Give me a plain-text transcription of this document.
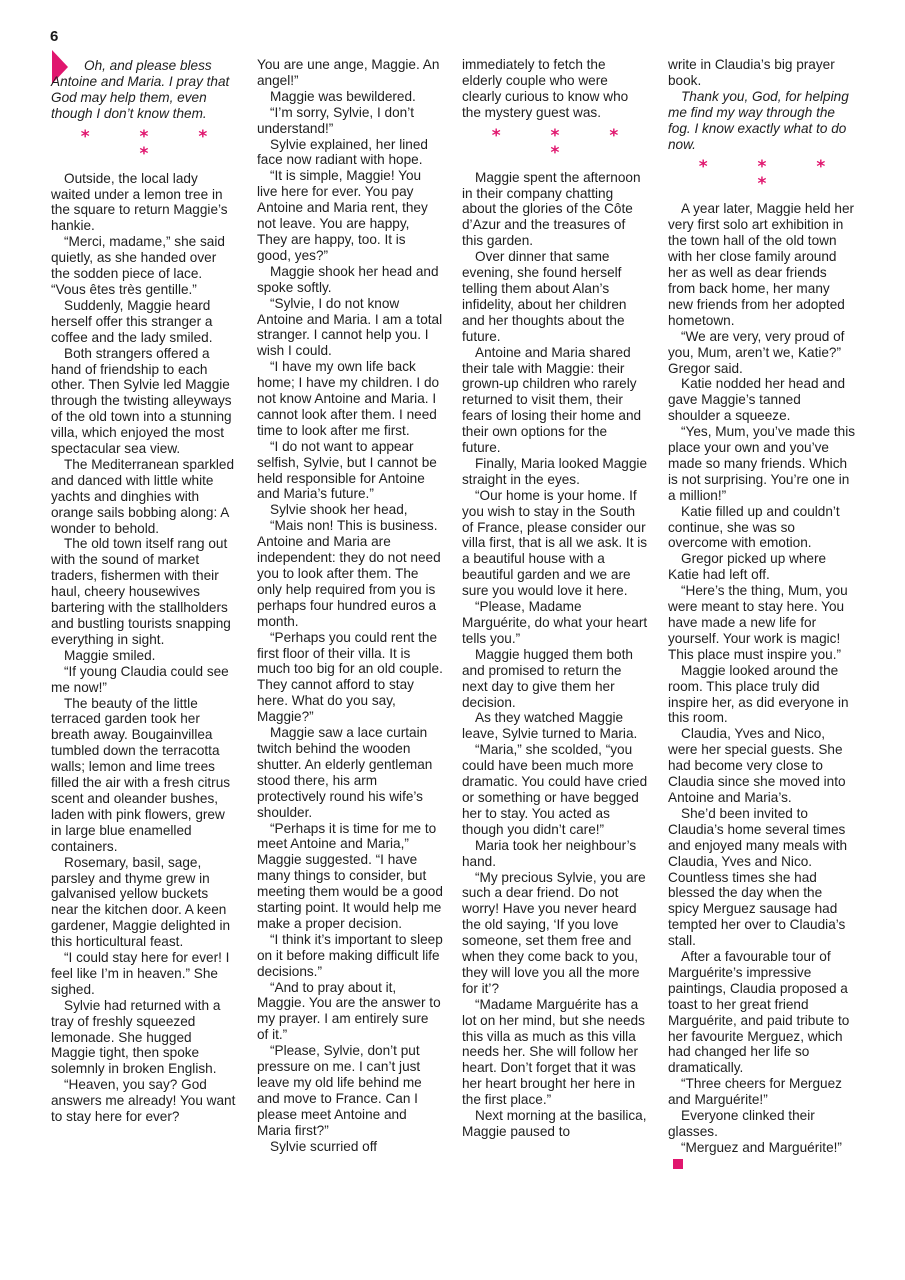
6

Oh, and please bless Antoine and Maria. I pray that God may help them, even though I don’t know them.

* * * *

Outside, the local lady waited under a lemon tree in the square to return Maggie’s hankie.

“Merci, madame,” she said quietly, as she handed over the sodden piece of lace. “Vous êtes très gentille.”

Suddenly, Maggie heard herself offer this stranger a coffee and the lady smiled.

Both strangers offered a hand of friendship to each other. Then Sylvie led Maggie through the twisting alleyways of the old town into a stunning villa, which enjoyed the most spectacular sea view.

The Mediterranean sparkled and danced with little white yachts and dinghies with orange sails bobbing along: A wonder to behold.

The old town itself rang out with the sound of market traders, fishermen with their haul, cheery housewives bartering with the stallholders and bustling tourists snapping everything in sight.

Maggie smiled.

“If young Claudia could see me now!”

The beauty of the little terraced garden took her breath away. Bougainvillea tumbled down the terracotta walls; lemon and lime trees filled the air with a fresh citrus scent and oleander bushes, laden with pink flowers, grew in large blue enamelled containers.

Rosemary, basil, sage, parsley and thyme grew in galvanised yellow buckets near the kitchen door. A keen gardener, Maggie delighted in this horticultural feast.

“I could stay here for ever! I feel like I’m in heaven.” She sighed.

Sylvie had returned with a tray of freshly squeezed lemonade. She hugged Maggie tight, then spoke solemnly in broken English.

“Heaven, you say? God answers me already! You want to stay here for ever?

You are une ange, Maggie. An angel!”

Maggie was bewildered.

“I’m sorry, Sylvie, I don’t understand!”

Sylvie explained, her lined face now radiant with hope.

“It is simple, Maggie! You live here for ever. You pay Antoine and Maria rent, they not leave. You are happy, They are happy, too. It is good, yes?”

Maggie shook her head and spoke softly.

“Sylvie, I do not know Antoine and Maria. I am a total stranger. I cannot help you. I wish I could.

“I have my own life back home; I have my children. I do not know Antoine and Maria. I cannot look after them. I need time to look after me first.

“I do not want to appear selfish, Sylvie, but I cannot be held responsible for Antoine and Maria’s future.”

Sylvie shook her head,

“Mais non! This is business. Antoine and Maria are independent: they do not need you to look after them. The only help required from you is perhaps four hundred euros a month.

“Perhaps you could rent the first floor of their villa. It is much too big for an old couple. They cannot afford to stay here. What do you say, Maggie?”

Maggie saw a lace curtain twitch behind the wooden shutter. An elderly gentleman stood there, his arm protectively round his wife’s shoulder.

“Perhaps it is time for me to meet Antoine and Maria,” Maggie suggested. “I have many things to consider, but meeting them would be a good starting point. It would help me make a proper decision.

“I think it’s important to sleep on it before making difficult life decisions.”

“And to pray about it, Maggie. You are the answer to my prayer. I am entirely sure of it.”

“Please, Sylvie, don’t put pressure on me. I can’t just leave my old life behind me and move to France. Can I please meet Antoine and Maria first?”

Sylvie scurried off

immediately to fetch the elderly couple who were clearly curious to know who the mystery guest was.

* * * *

Maggie spent the afternoon in their company chatting about the glories of the Côte d’Azur and the treasures of this garden.

Over dinner that same evening, she found herself telling them about Alan’s infidelity, about her children and her thoughts about the future.

Antoine and Maria shared their tale with Maggie: their grown-up children who rarely returned to visit them, their fears of losing their home and their own options for the future.

Finally, Maria looked Maggie straight in the eyes.

“Our home is your home. If you wish to stay in the South of France, please consider our villa first, that is all we ask. It is a beautiful house with a beautiful garden and we are sure you would love it here.

“Please, Madame Marguérite, do what your heart tells you.”

Maggie hugged them both and promised to return the next day to give them her decision.

As they watched Maggie leave, Sylvie turned to Maria.

“Maria,” she scolded, “you could have been much more dramatic. You could have cried or something or have begged her to stay. You acted as though you didn’t care!”

Maria took her neighbour’s hand.

“My precious Sylvie, you are such a dear friend. Do not worry! Have you never heard the old saying, ‘If you love someone, set them free and when they come back to you, they will love you all the more for it’?

“Madame Marguérite has a lot on her mind, but she needs this villa as much as this villa needs her. She will follow her heart. Don’t forget that it was her heart brought her here in the first place.”

Next morning at the basilica, Maggie paused to

write in Claudia’s big prayer book.

Thank you, God, for helping me find my way through the fog. I know exactly what to do now.

* * * *

A year later, Maggie held her very first solo art exhibition in the town hall of the old town with her close family around her as well as dear friends from back home, her many new friends from her adopted hometown.

“We are very, very proud of you, Mum, aren’t we, Katie?” Gregor said.

Katie nodded her head and gave Maggie’s tanned shoulder a squeeze.

“Yes, Mum, you’ve made this place your own and you’ve made so many friends. Which is not surprising. You’re one in a million!”

Katie filled up and couldn’t continue, she was so overcome with emotion.

Gregor picked up where Katie had left off.

“Here’s the thing, Mum, you were meant to stay here. You have made a new life for yourself. Your work is magic! This place must inspire you.”

Maggie looked around the room. This place truly did inspire her, as did everyone in this room.

Claudia, Yves and Nico, were her special guests. She had become very close to Claudia since she moved into Antoine and Maria’s.

She’d been invited to Claudia’s home several times and enjoyed many meals with Claudia, Yves and Nico. Countless times she had blessed the day when the spicy Merguez sausage had tempted her over to Claudia’s stall.

After a favourable tour of Marguérite’s impressive paintings, Claudia proposed a toast to her great friend Marguérite, and paid tribute to her favourite Merguez, which had changed her life so dramatically.

“Three cheers for Merguez and Marguérite!”

Everyone clinked their glasses.

“Merguez and Marguérite!”
